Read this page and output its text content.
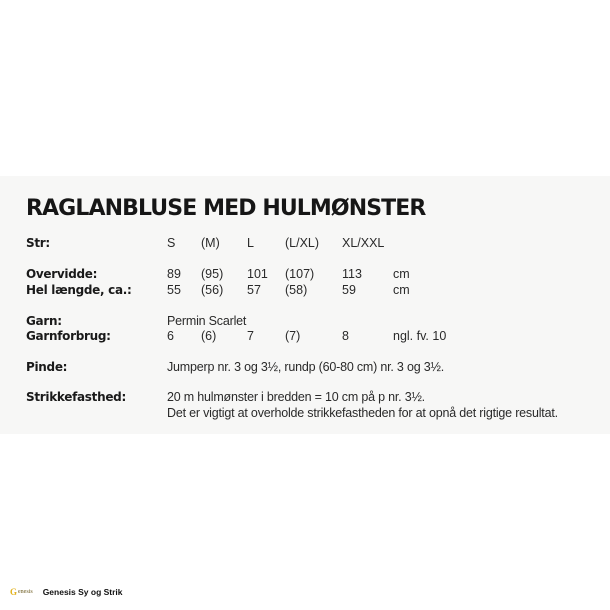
RAGLANBLUSE MED HULMØNSTER
Str:	S (M) L (L/XL) XL/XXL
Overvidde:	89 (95) 101 (107) 113 cm
Hel længde, ca.:	55 (56) 57 (58)	59	cm
Garn:	Permin Scarlet
Garnforbrug:	6 (6) 7 (7)	8	ngl. fv. 10
Pinde:	Jumperp nr. 3 og 3½, rundp (60-80 cm) nr. 3 og 3½.
Strikkefasthed:	20 m hulmønster i bredden = 10 cm på p nr. 3½.
Det er vigtigt at overholde strikkefastheden for at opnå det rigtige resultat.
G enesis Genesis Sy og Strik
